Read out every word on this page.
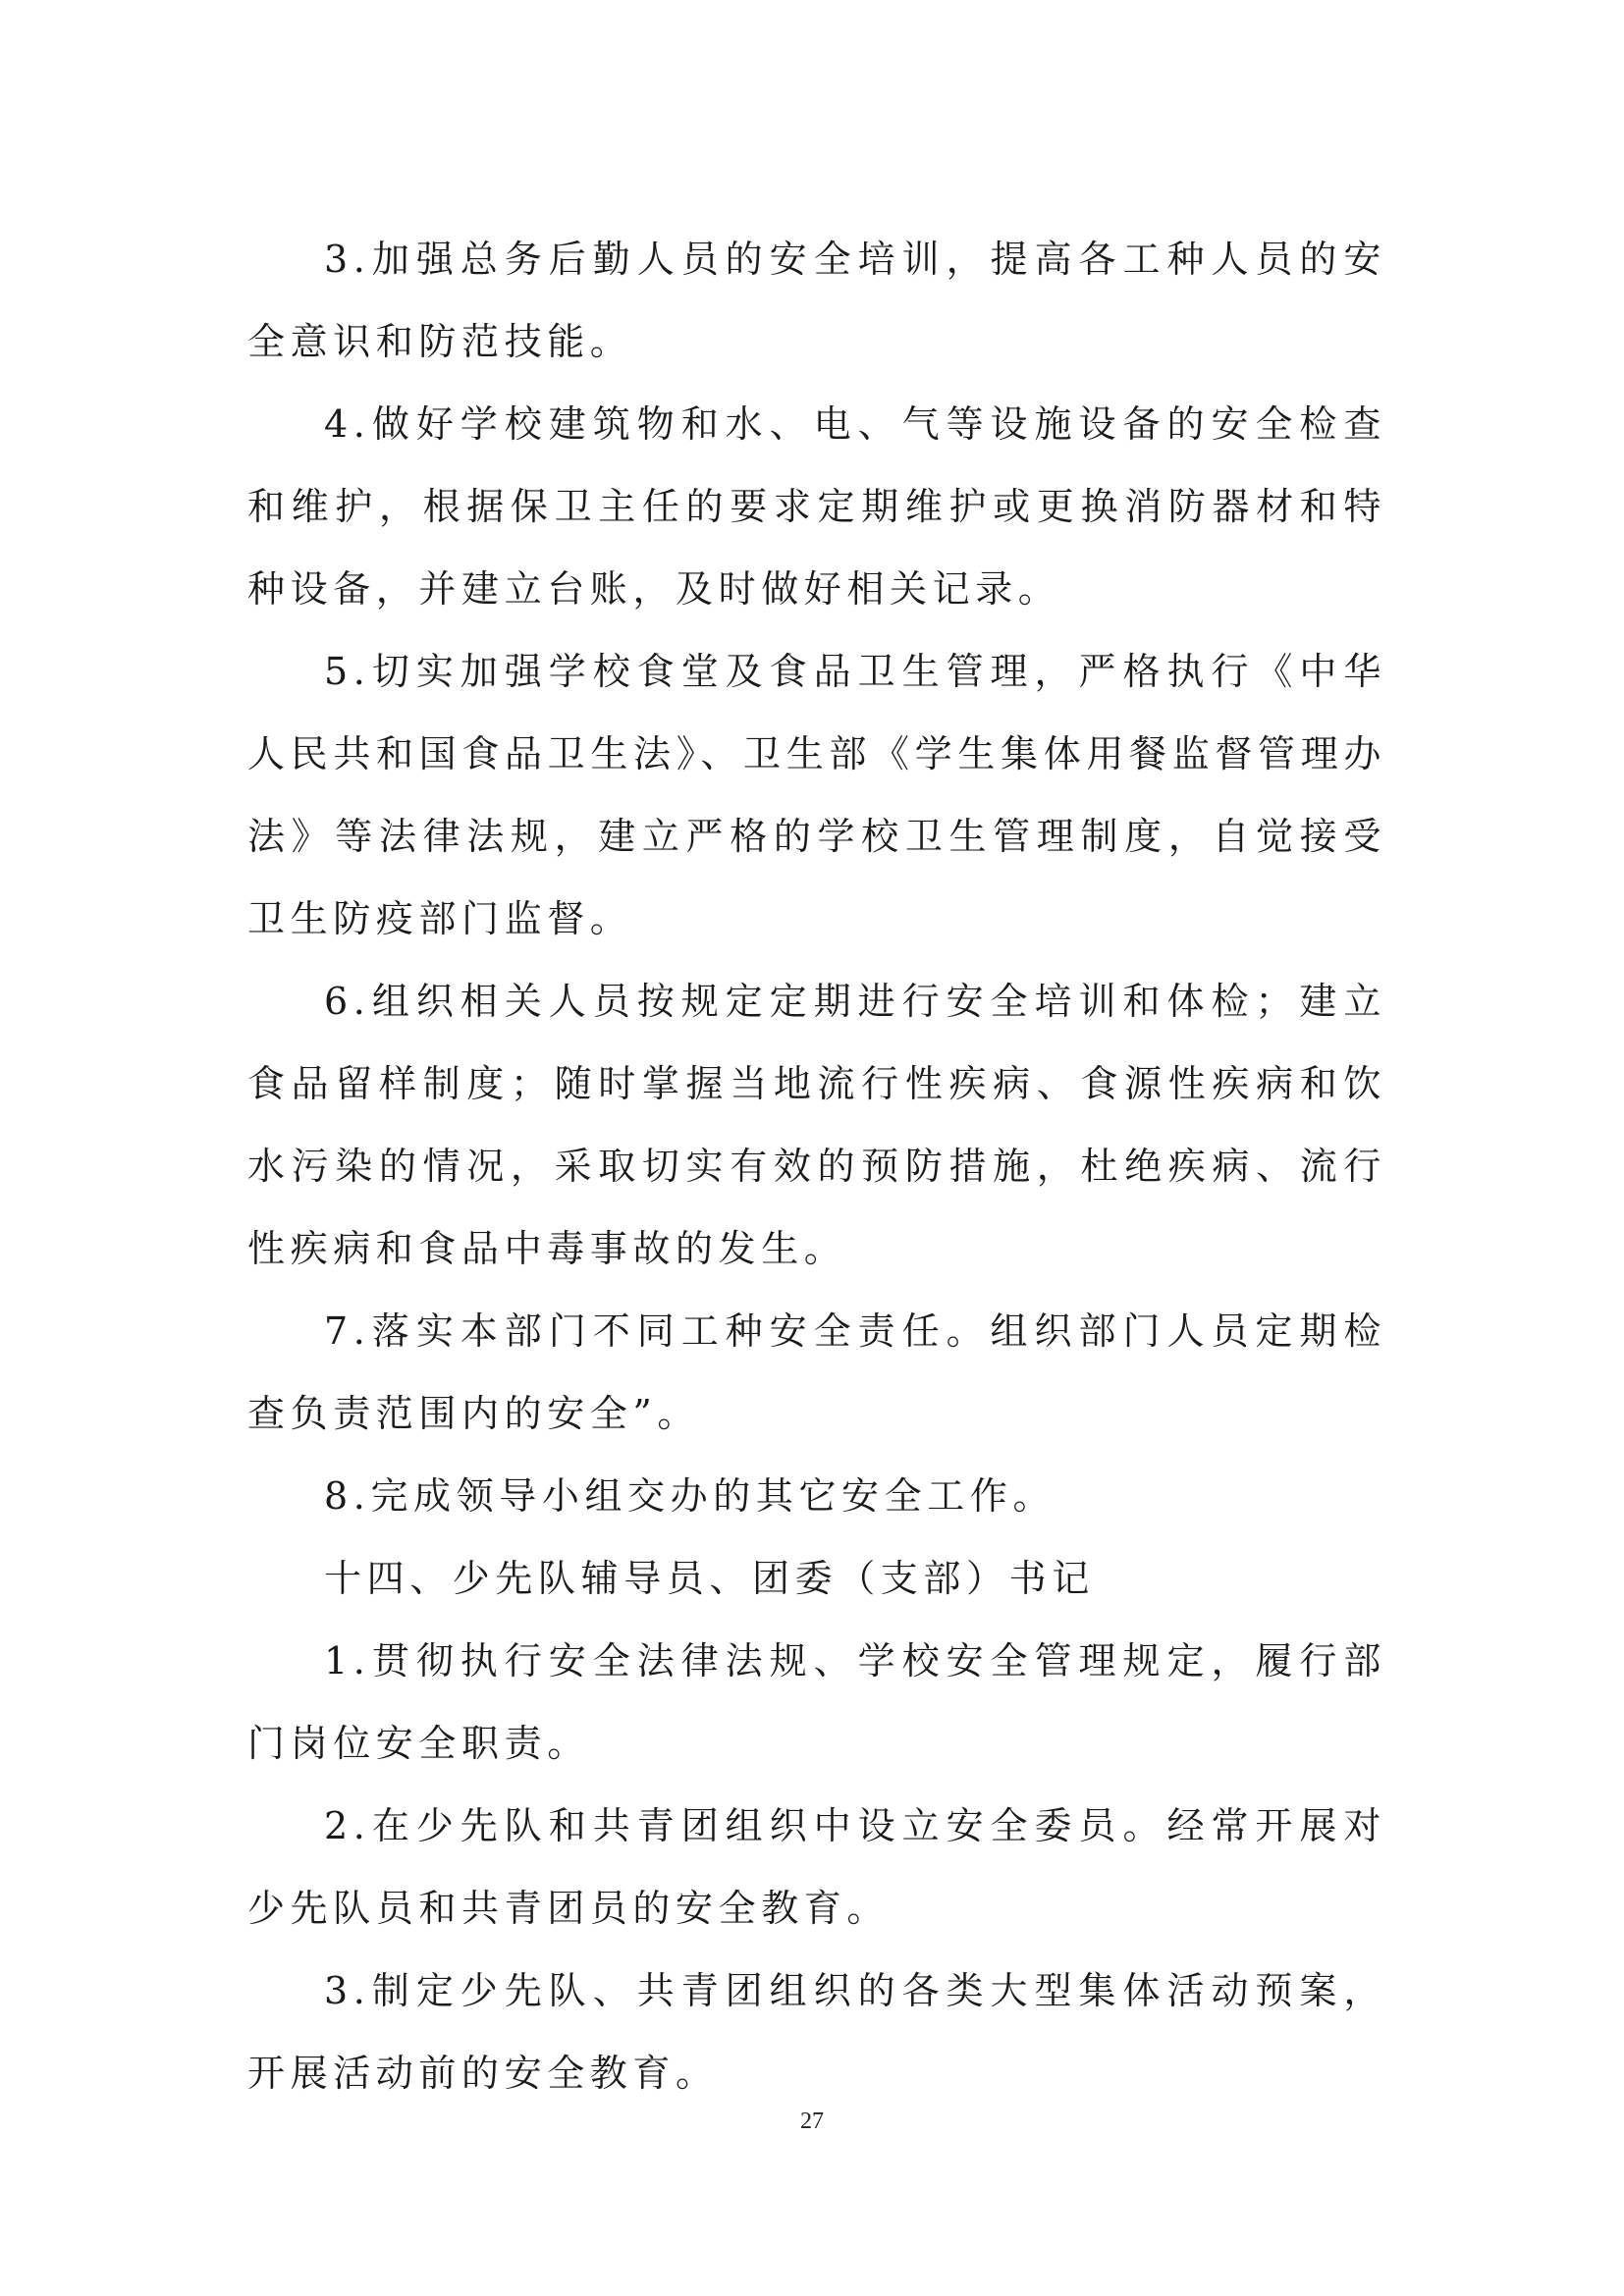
3.加强总务后勤人员的安全培训，提高各工种人员的安全意识和防范技能。

4.做好学校建筑物和水、电、气等设施设备的安全检查和维护，根据保卫主任的要求定期维护或更换消防器材和特种设备，并建立台账，及时做好相关记录。

5.切实加强学校食堂及食品卫生管理，严格执行《中华人民共和国食品卫生法》、卫生部《学生集体用餐监督管理办法》等法律法规，建立严格的学校卫生管理制度，自觉接受卫生防疫部门监督。

6.组织相关人员按规定定期进行安全培训和体检；建立食品留样制度；随时掌握当地流行性疾病、食源性疾病和饮水污染的情况，采取切实有效的预防措施，杜绝疾病、流行性疾病和食品中毒事故的发生。

7.落实本部门不同工种安全责任。组织部门人员定期检查负责范围内的安全”。

8.完成领导小组交办的其它安全工作。

十四、少先队辅导员、团委（支部）书记

1.贯彻执行安全法律法规、学校安全管理规定，履行部门岗位安全职责。

2.在少先队和共青团组织中设立安全委员。经常开展对少先队员和共青团员的安全教育。

3.制定少先队、共青团组织的各类大型集体活动预案，开展活动前的安全教育。

27
